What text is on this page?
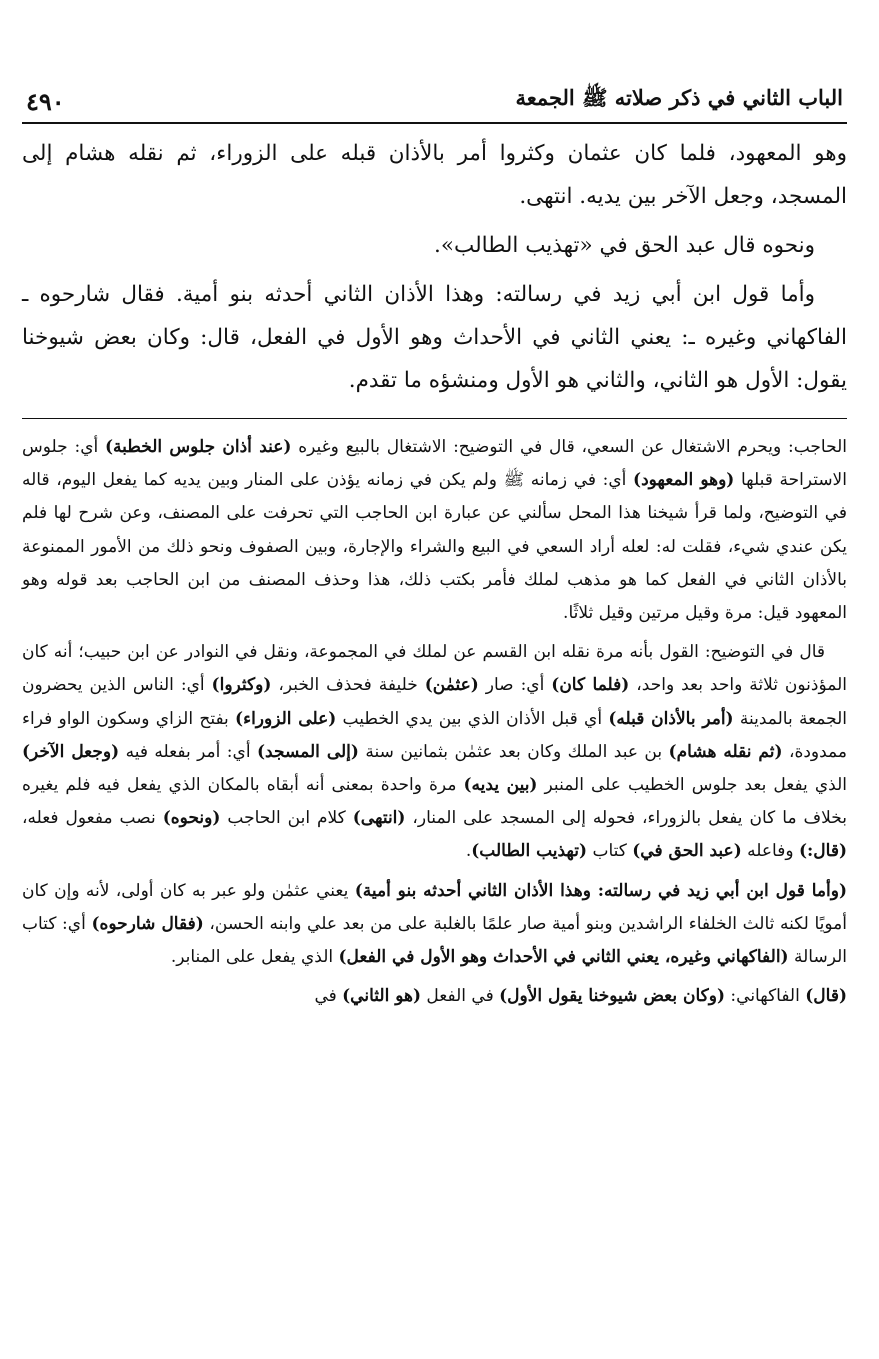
الباب الثاني في ذكر صلاته ﷺ الجمعة
٤٩٠

وهو المعهود، فلما كان عثمان وكثروا أمر بالأذان قبله على الزوراء، ثم نقله هشام إلى المسجد، وجعل الآخر بين يديه. انتهى.

ونحوه قال عبد الحق في «تهذيب الطالب».

وأما قول ابن أبي زيد في رسالته: وهذا الأذان الثاني أحدثه بنو أمية. فقال شارحوه ـ الفاكهاني وغيره ـ: يعني الثاني في الأحداث وهو الأول في الفعل، قال: وكان بعض شيوخنا يقول: الأول هو الثاني، والثاني هو الأول ومنشؤه ما تقدم.

الحاجب: ويحرم الاشتغال عن السعي، قال في التوضيح: الاشتغال بالبيع وغيره (عند أذان جلوس الخطبة) أي: جلوس الاستراحة قبلها (وهو المعهود) أي: في زمانه ﷺ ولم يكن في زمانه يؤذن على المنار وبين يديه كما يفعل اليوم، قاله في التوضيح، ولما قرأ شيخنا هذا المحل سألني عن عبارة ابن الحاجب التي تحرفت على المصنف، وعن شرح لها فلم يكن عندي شيء، فقلت له: لعله أراد السعي في البيع والشراء والإجارة، وبين الصفوف ونحو ذلك من الأمور الممنوعة بالأذان الثاني في الفعل كما هو مذهب لملك فأمر بكتب ذلك، هذا وحذف المصنف من ابن الحاجب بعد قوله وهو المعهود قيل: مرة وقيل مرتين وقيل ثلاثًا.

قال في التوضيح: القول بأنه مرة نقله ابن القسم عن لملك في المجموعة، ونقل في النوادر عن ابن حبيب؛ أنه كان المؤذنون ثلاثة واحد بعد واحد، (فلما كان) أي: صار (عثمٰن) خليفة فحذف الخبر، (وكثروا) أي: الناس الذين يحضرون الجمعة بالمدينة (أمر بالأذان قبله) أي قبل الأذان الذي بين يدي الخطيب (على الزوراء) بفتح الزاي وسكون الواو فراء ممدودة، (ثم نقله هشام) بن عبد الملك وكان بعد عثمٰن بثمانين سنة (إلى المسجد) أي: أمر بفعله فيه (وجعل الآخر) الذي يفعل بعد جلوس الخطيب على المنبر (بين يديه) مرة واحدة بمعنى أنه أبقاه بالمكان الذي يفعل فيه فلم يغيره بخلاف ما كان يفعل بالزوراء، فحوله إلى المسجد على المنار، (انتهى) كلام ابن الحاجب (ونحوه) نصب مفعول فعله، (قال:) وفاعله (عبد الحق في) كتاب (تهذيب الطالب).

(وأما قول ابن أبي زيد في رسالته: وهذا الأذان الثاني أحدثه بنو أمية) يعني عثمٰن ولو عبر به كان أولى، لأنه وإن كان أمويًا لكنه ثالث الخلفاء الراشدين وبنو أمية صار علمًا بالغلبة على من بعد علي وابنه الحسن، (فقال شارحوه) أي: كتاب الرسالة (الفاكهاني وغيره، يعني الثاني في الأحداث وهو الأول في الفعل) الذي يفعل على المنابر.

(قال) الفاكهاني: (وكان بعض شيوخنا يقول الأول) في الفعل (هو الثاني) في
